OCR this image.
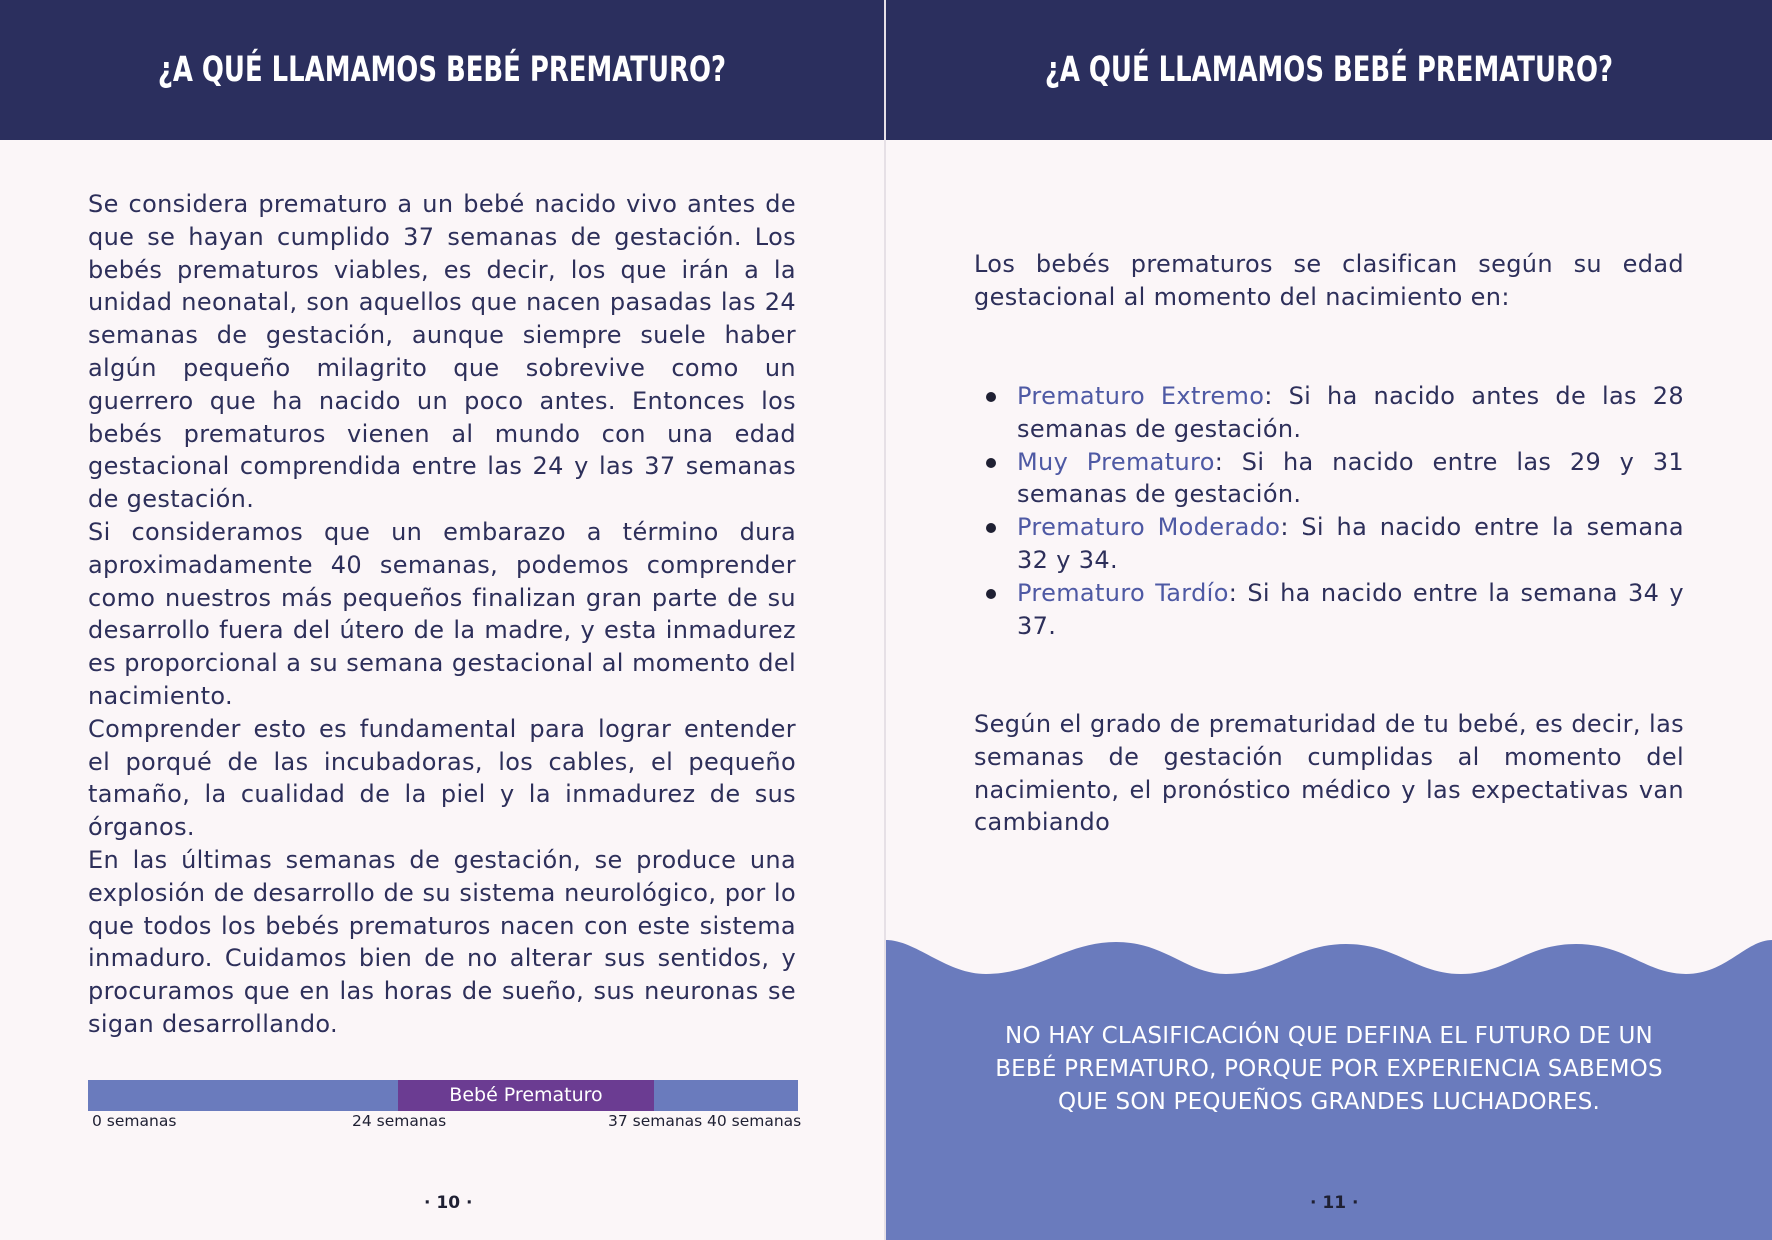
¿A QUÉ LLAMAMOS BEBÉ PREMATURO?

Se considera prematuro a un bebé nacido vivo antes de que se hayan cumplido 37 semanas de gestación. Los bebés prematuros viables, es decir, los que irán a la unidad neonatal, son aquellos que nacen pasadas las 24 semanas de gestación, aunque siempre suele haber algún pequeño milagrito que sobrevive como un guerrero que ha nacido un poco antes. Entonces los bebés prematuros vienen al mundo con una edad gestacional comprendida entre las 24 y las 37 semanas de gestación.

Si consideramos que un embarazo a término dura aproximadamente 40 semanas, podemos comprender como nuestros más pequeños finalizan gran parte de su desarrollo fuera del útero de la madre, y esta inmadurez es proporcional a su semana gestacional al momento del nacimiento.

Comprender esto es fundamental para lograr entender el porqué de las incubadoras, los cables, el pequeño tamaño, la cualidad de la piel y la inmadurez de sus órganos.

En las últimas semanas de gestación, se produce una explosión de desarrollo de su sistema neurológico, por lo que todos los bebés prematuros nacen con este sistema inmaduro. Cuidamos bien de no alterar sus sentidos, y procuramos que en las horas de sueño, sus neuronas se sigan desarrollando.

Bebé Prematuro
0 semanas	24 semanas	37 semanas 40 semanas
· 10 ·
¿A QUÉ LLAMAMOS BEBÉ PREMATURO?

Los bebés prematuros se clasifican según su edad gestacional al momento del nacimiento en:

Prematuro Extremo: Si ha nacido antes de las 28 semanas de gestación.
Muy Prematuro: Si ha nacido entre las 29 y 31 semanas de gestación.
Prematuro Moderado: Si ha nacido entre la semana 32 y 34.
Prematuro Tardío: Si ha nacido entre la semana 34 y 37.

Según el grado de prematuridad de tu bebé, es decir, las semanas de gestación cumplidas al momento del nacimiento, el pronóstico médico y las expectativas van cambiando

NO HAY CLASIFICACIÓN QUE DEFINA EL FUTURO DE UN BEBÉ PREMATURO, PORQUE POR EXPERIENCIA SABEMOS QUE SON PEQUEÑOS GRANDES LUCHADORES.
· 11 ·
